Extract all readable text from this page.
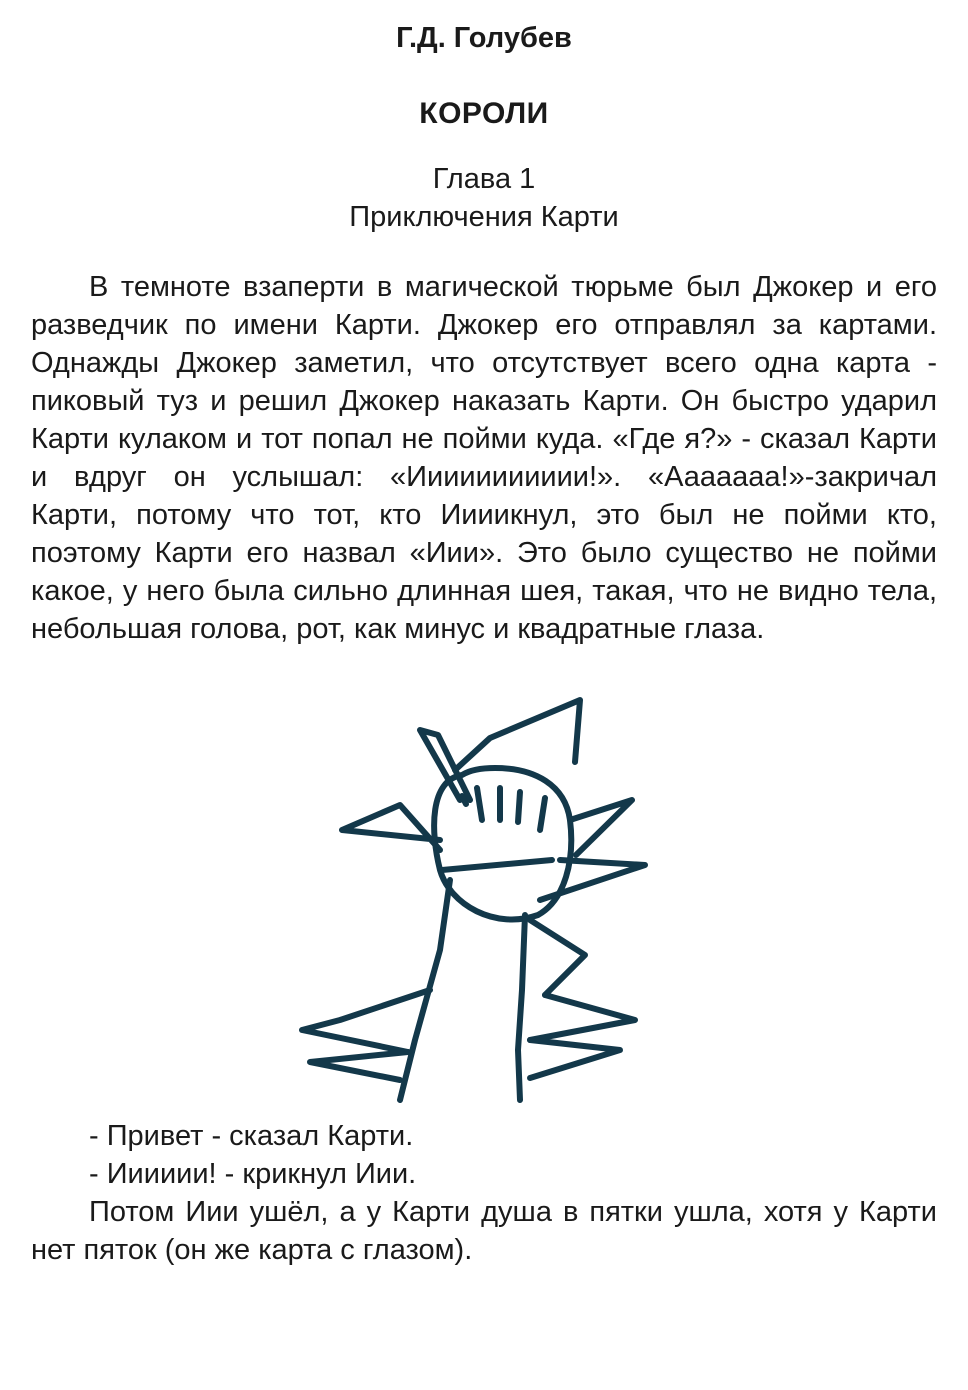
Г.Д. Голубев
КОРОЛИ
Глава 1
Приключения Карти

В темноте взаперти в магической тюрьме был Джокер и его разведчик по имени Карти. Джокер его отправлял за картами. Однажды Джокер заметил, что отсутствует всего одна карта - пиковый туз и решил Джокер наказать Карти. Он быстро ударил Карти кулаком и тот попал не пойми куда. «Где я?» - сказал Карти и вдруг он услышал: «Иииииииииии!». «Ааааааа!»-закричал Карти, потому что тот, кто Иииикнул, это был не пойми кто, поэтому Карти его назвал «Иии». Это было существо не пойми какое, у него была сильно длинная шея, такая, что не видно тела, небольшая голова, рот, как минус и квадратные глаза.

- Привет - сказал Карти.

- Ииииии! - крикнул Иии.

Потом Иии ушёл, а у Карти душа в пятки ушла, хотя у Карти нет пяток (он же карта с глазом).
